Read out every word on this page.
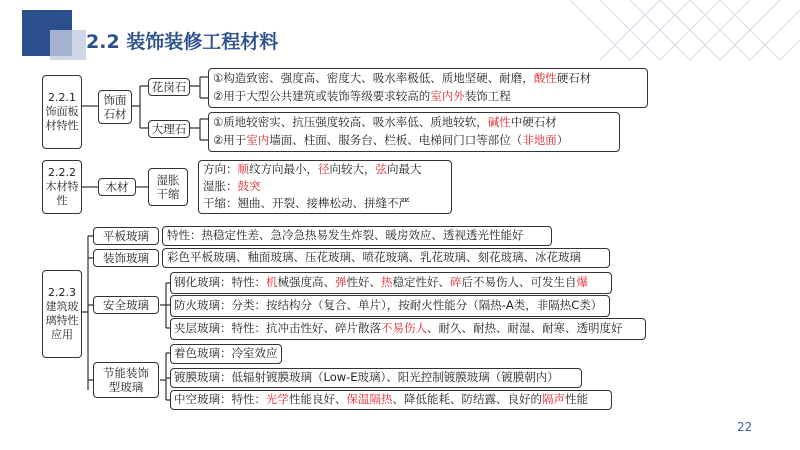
2.2 装饰装修工程材料
2.2.1 饰面板材特性
饰面石材
花岗石
①构造致密、强度高、密度大、吸水率极低、质地坚硬、耐磨，酸性硬石材
②用于大型公共建筑或装饰等级要求较高的室内外装饰工程
大理石 ①质地较密实、抗压强度较高、吸水率低、质地较软，碱性中硬石材
②用于室内墙面、柱面、服务台、栏板、电梯间门口等部位（非地面）
2.2.2 木材特性
木材	湿胀干缩
方向：顺纹方向最小，径向较大，弦向最大
湿胀：鼓突
干缩：翘曲、开裂、接榫松动、拼缝不严
2.2.3 建筑玻璃特性应用
平板玻璃 特性：热稳定性差、急冷急热易发生炸裂、暖房效应、透视透光性能好
装饰玻璃 彩色平板玻璃、釉面玻璃、压花玻璃、喷花玻璃、乳花玻璃、刻花玻璃、冰花玻璃
安全玻璃
钢化玻璃：特性：机械强度高、弹性好、热稳定性好、碎后不易伤人、可发生自爆
防火玻璃：分类：按结构分（复合、单片），按耐火性能分（隔热-A类，非隔热C类）
夹层玻璃：特性：抗冲击性好、碎片散落不易伤人、耐久、耐热、耐湿、耐寒、透明度好
节能装饰型玻璃
着色玻璃：冷室效应
镀膜玻璃：低辐射镀膜玻璃（Low-E玻璃）、阳光控制镀膜玻璃（镀膜朝内）
中空玻璃：特性：光学性能良好、保温隔热、降低能耗、防结露、良好的隔声性能
22
